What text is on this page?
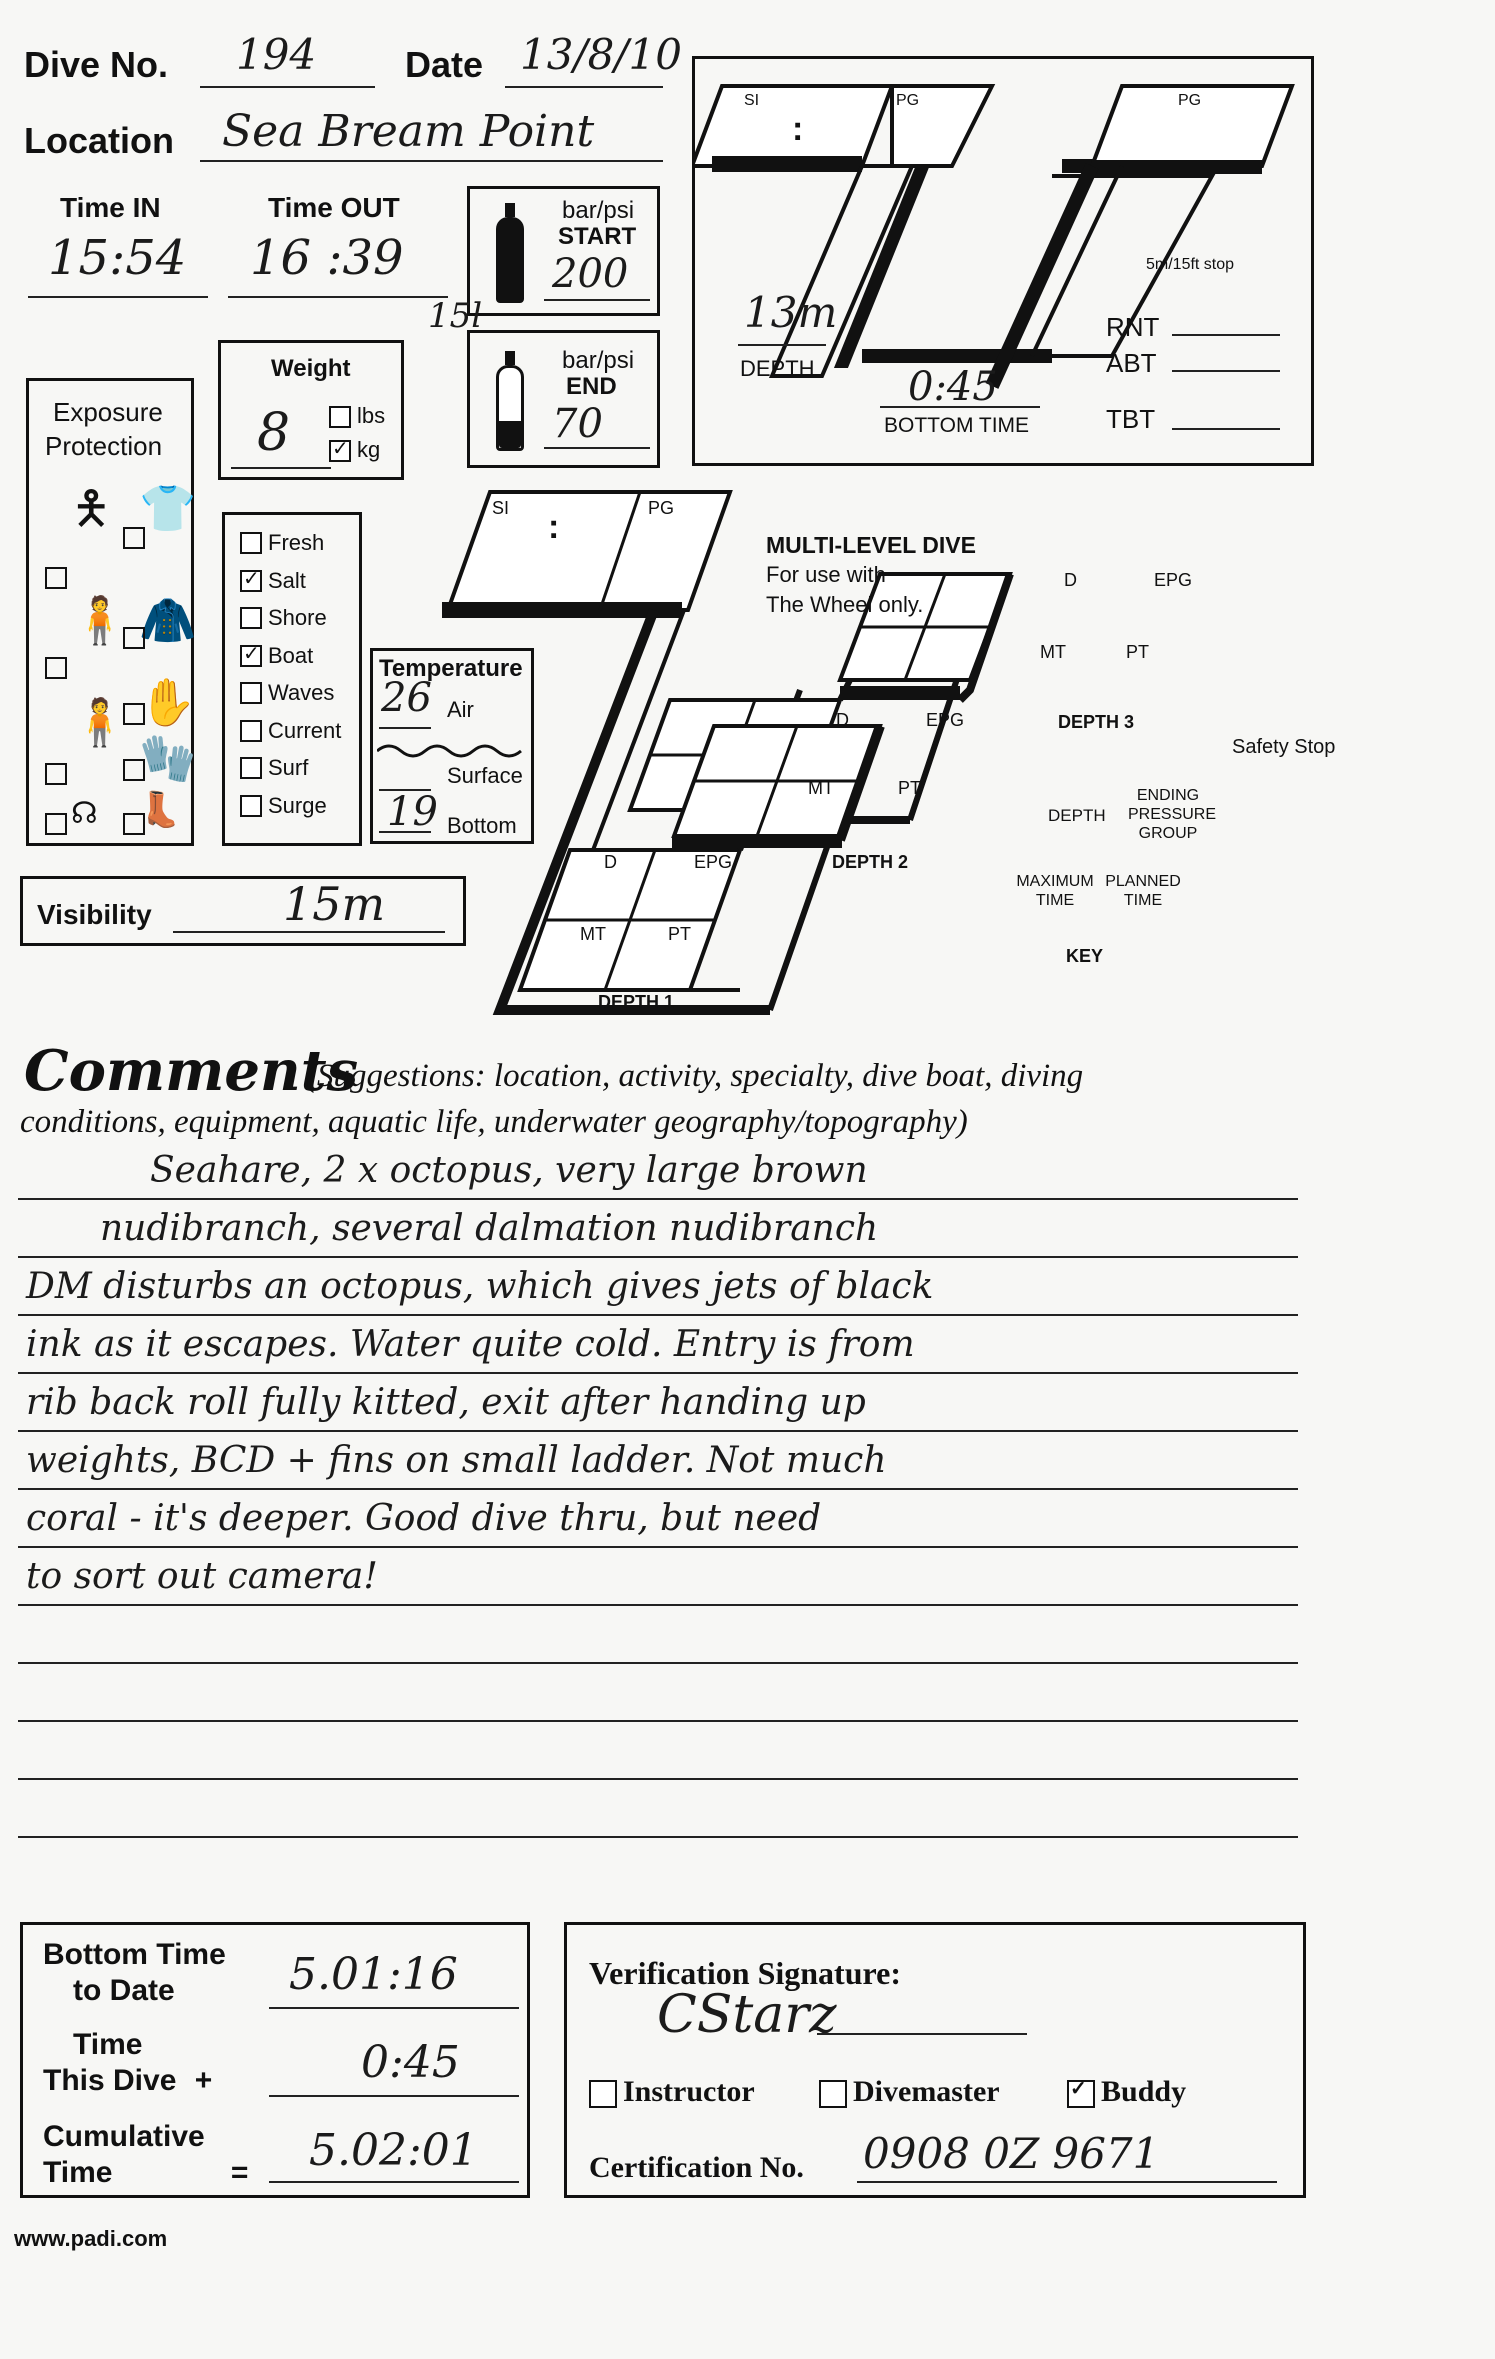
Dive No. 194 Date 13/8/10
Location Sea Bream Point
Time IN
15:54
Time OUT
16 :39
bar/psi
START
200
15l
bar/psi
END
70
Weight
8	lbs
✓kg
Exposure
Protection
🯅 👕
🧍 🧥
🧍 ✋
🧤
☊ 👢
Fresh
✓
Salt
Shore
✓
Boat
Waves
Current
Surf
Surge
Temperature
26 Air
Surface
19 Bottom
Visibility	15m
SI
:
PG	PG
5m/15ft stop
13m
DEPTH 0:45
BOTTOM TIME
RNT
ABT
TBT
SI :	PG
MULTI-LEVEL DIVE
For use with
The Wheel only.
D	EPG
MT	PT
DEPTH 1
D	EPG
MT	PT
DEPTH 2
D	EPG
MT	PT
DEPTH 3
Safety Stop
DEPTH
ENDING PRESSURE GROUP
MAXIMUM TIME
PLANNED TIME
KEY
Comments
(Suggestions: location, activity, specialty, dive boat, diving
conditions, equipment, aquatic life, underwater geography/topography)
Seahare, 2 x octopus, very large brown
nudibranch, several dalmation nudibranch
DM disturbs an octopus, which gives jets of black
ink as it escapes. Water quite cold. Entry is from
rib back roll fully kitted, exit after handing up
weights, BCD + fins on small ladder. Not much
coral - it's deeper. Good dive thru, but need
to sort out camera!
Bottom Time
to Date	5.01:16
Time
This Dive +	0:45
Cumulative
Time	= 5.02:01
Verification Signature:
CStarz
Instructor	Divemaster
✓	Buddy
Certification No. 0908 0Z 9671
www.padi.com
